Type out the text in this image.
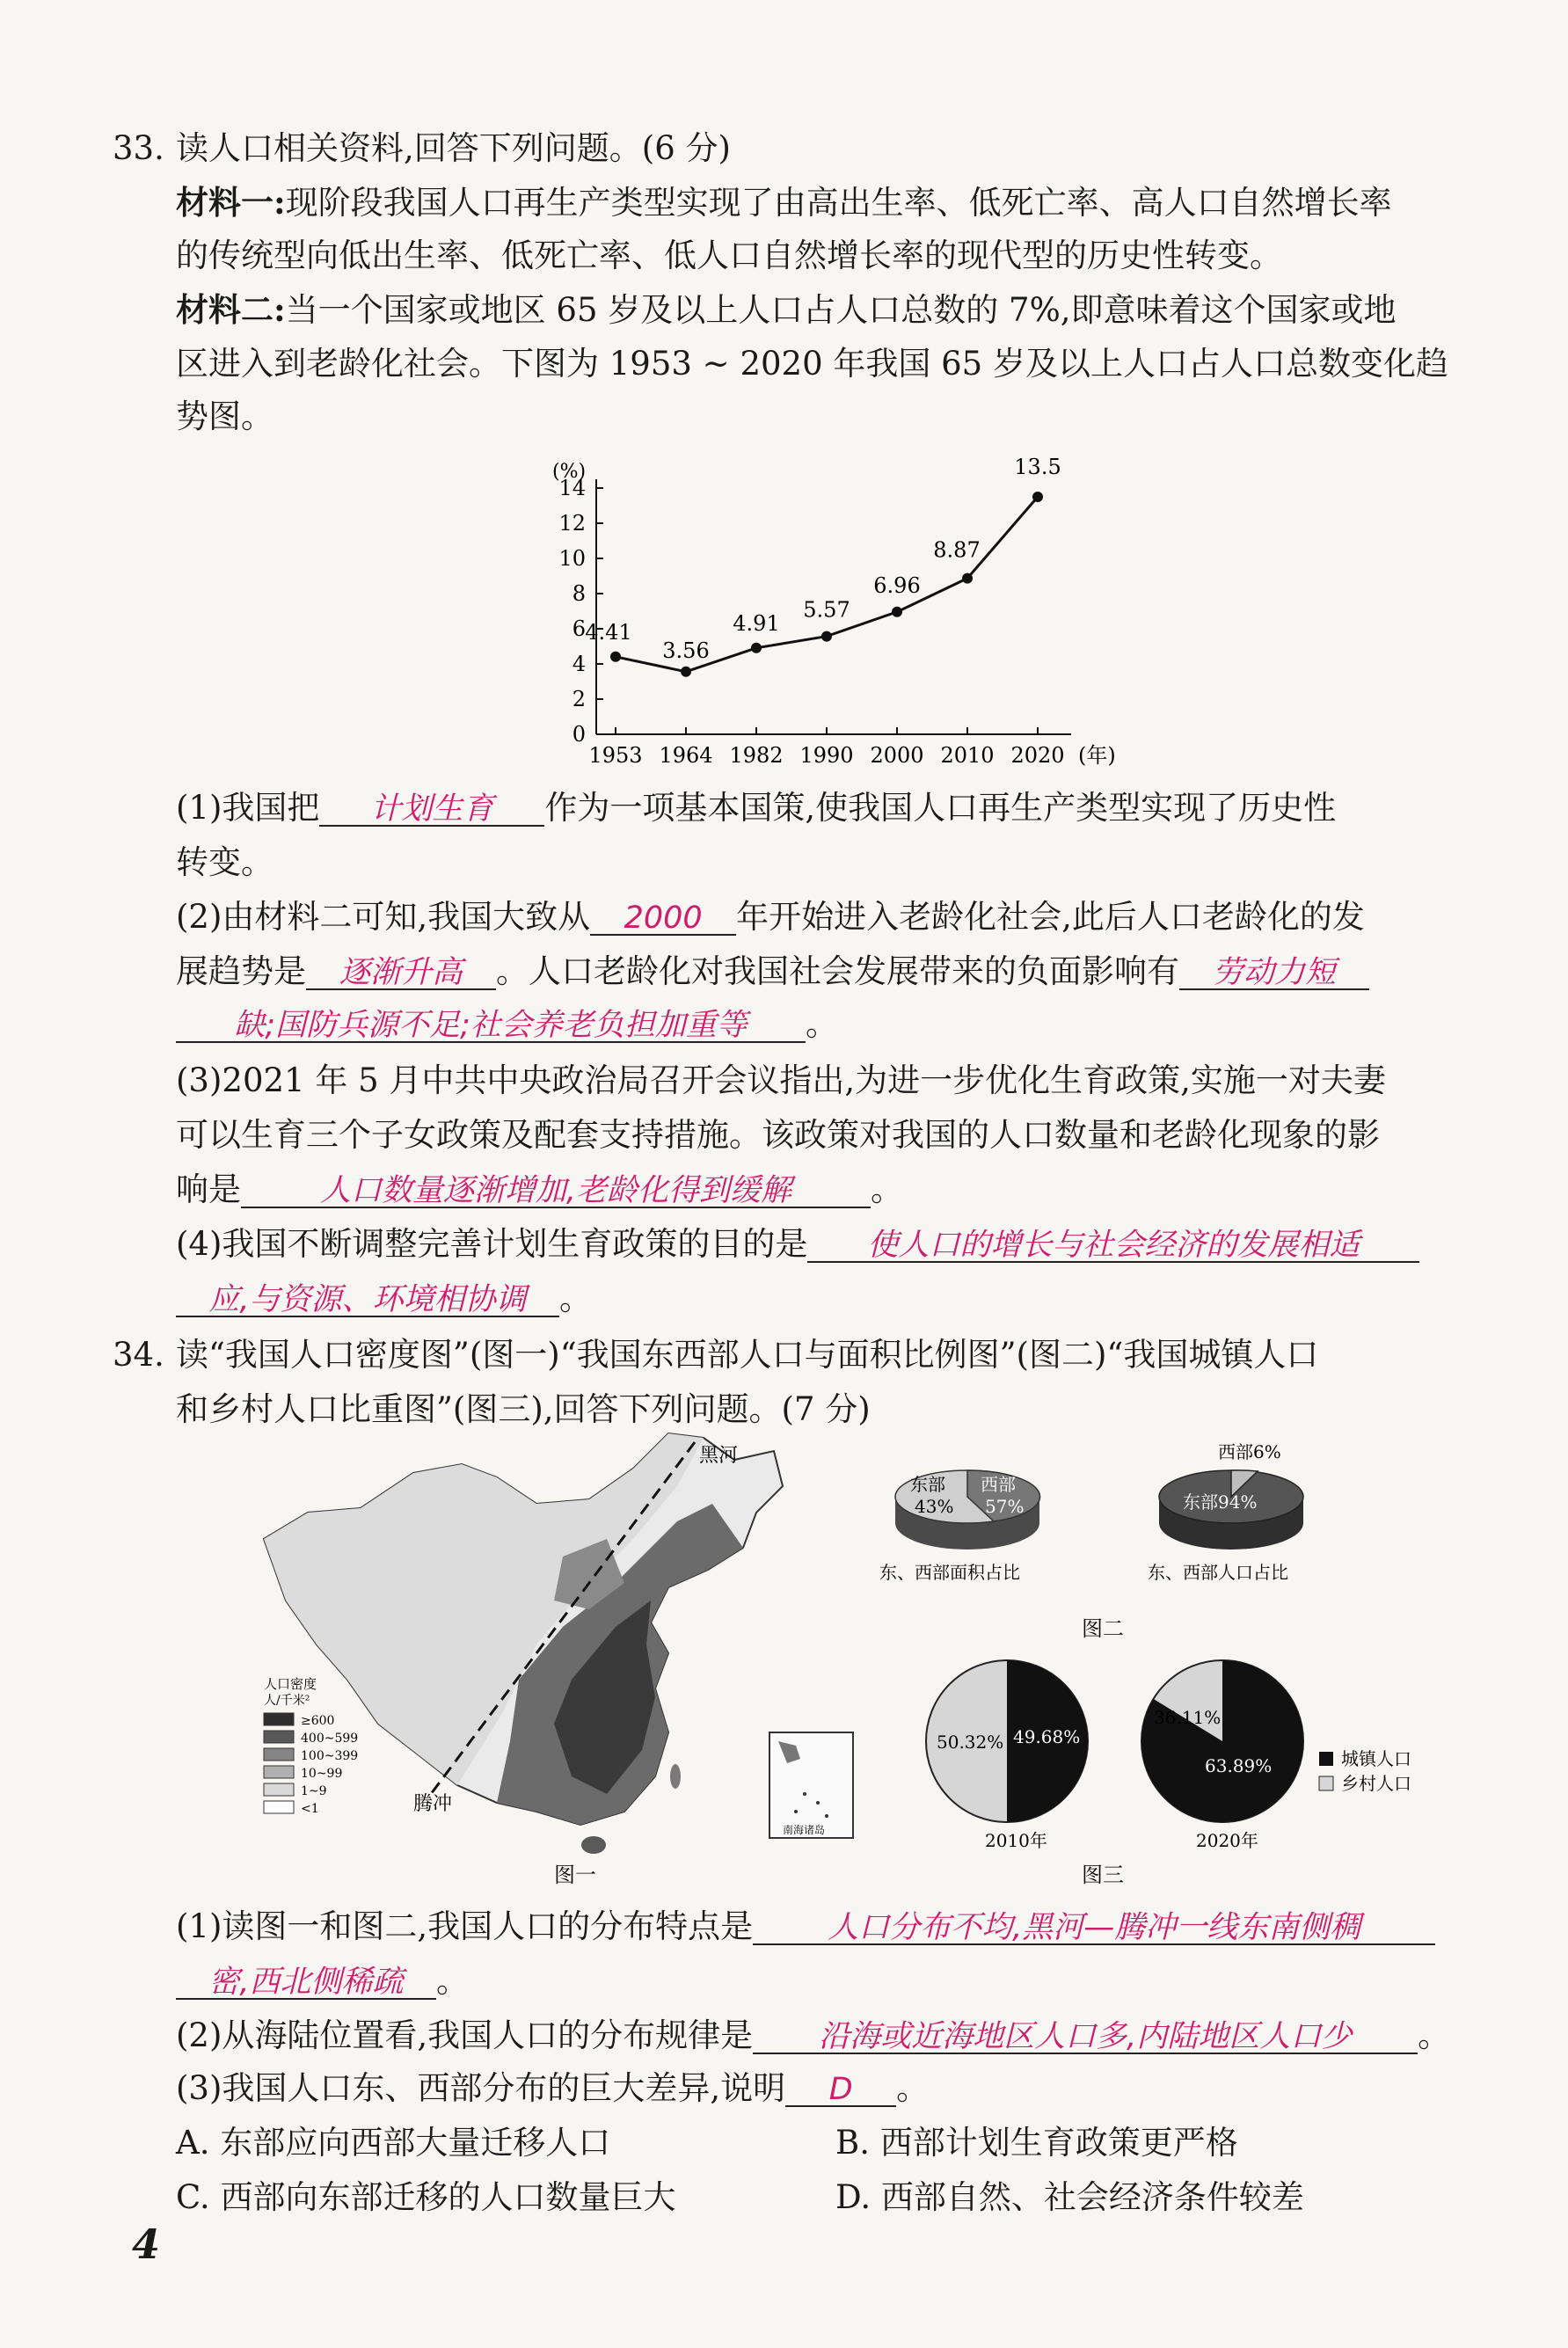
33. 读人口相关资料,回答下列问题。(6 分)
材料一:现阶段我国人口再生产类型实现了由高出生率、低死亡率、高人口自然增长率
的传统型向低出生率、低死亡率、低人口自然增长率的现代型的历史性转变。
材料二:当一个国家或地区 65 岁及以上人口占人口总数的 7%,即意味着这个国家或地
区进入到老龄化社会。下图为 1953 ~ 2020 年我国 65 岁及以上人口占人口总数变化趋
势图。
(%)
0
2
4
6
8
10
12
14
1953 1964 1982 1990 2000 2010 2020 (年)
4.41
3.56
4.91
5.57
6.96
8.87
13.5
(1)我国把 计划生育 作为一项基本国策,使我国人口再生产类型实现了历史性
转变。
(2)由材料二可知,我国大致从 2000 年开始进入老龄化社会,此后人口老龄化的发
展趋势是 逐渐升高 。人口老龄化对我国社会发展带来的负面影响有 劳动力短
缺;国防兵源不足;社会养老负担加重等 。
(3)2021 年 5 月中共中央政治局召开会议指出,为进一步优化生育政策,实施一对夫妻
可以生育三个子女政策及配套支持措施。该政策对我国的人口数量和老龄化现象的影
响是	人口数量逐渐增加,老龄化得到缓解 。
(4)我国不断调整完善计划生育政策的目的是 使人口的增长与社会经济的发展相适
应,与资源、环境相协调 。
34. 读“我国人口密度图”(图一)“我国东西部人口与面积比例图”(图二)“我国城镇人口
和乡村人口比重图”(图三),回答下列问题。(7 分)
黑河
腾冲
人口密度
人/千米²
≥600
400~599
100~399
10~99
1~9
<1
南海诸岛
图一
东部
43%
西部
57%
东、西部面积占比
西部6%
东部94%
东、西部人口占比
图二
50.32% 49.68%
2010年
36.11%
63.89%
2020年
城镇人口
乡村人口
图三
(1)读图一和图二,我国人口的分布特点是 人口分布不均,黑河—腾冲一线东南侧稠
密,西北侧稀疏 。
(2)从海陆位置看,我国人口的分布规律是 沿海或近海地区人口多,内陆地区人口少 。
(3)我国人口东、西部分布的巨大差异,说明 D 。
A. 东部应向西部大量迁移人口	B. 西部计划生育政策更严格
C. 西部向东部迁移的人口数量巨大	D. 西部自然、社会经济条件较差
4
